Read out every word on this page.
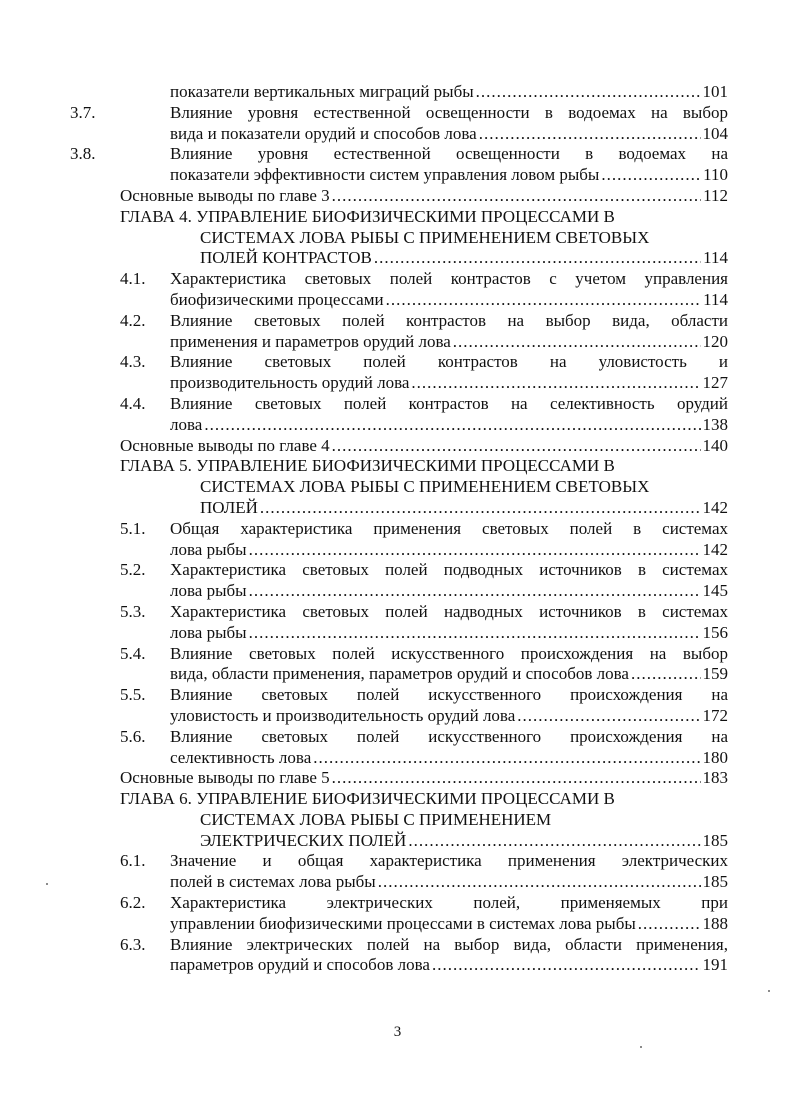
показатели вертикальных миграций рыбы .....	101
3.7.	Влияние уровня естественной освещенности в водоемах на выбор
вида и показатели орудий и способов лова .....	104
3.8.	Влияние уровня естественной освещенности в водоемах на
показатели эффективности систем управления ловом рыбы .....	110
Основные выводы по главе 3 .....	112
ГЛАВА 4. УПРАВЛЕНИЕ БИОФИЗИЧЕСКИМИ ПРОЦЕССАМИ В
СИСТЕМАХ ЛОВА РЫБЫ С ПРИМЕНЕНИЕМ СВЕТОВЫХ
ПОЛЕЙ КОНТРАСТОВ .....	114
4.1. Характеристика световых полей контрастов с учетом управления
биофизическими процессами .....	114
4.2. Влияние световых полей контрастов на выбор вида, области
применения и параметров орудий лова .....	120
4.3. Влияние световых полей контрастов на уловистость и
производительность орудий лова .....	127
4.4. Влияние световых полей контрастов на селективность орудий
лова .....	138
Основные выводы по главе 4 .....	140
ГЛАВА 5. УПРАВЛЕНИЕ БИОФИЗИЧЕСКИМИ ПРОЦЕССАМИ В
СИСТЕМАХ ЛОВА РЫБЫ С ПРИМЕНЕНИЕМ СВЕТОВЫХ
ПОЛЕЙ .....	142
5.1. Общая характеристика применения световых полей в системах
лова рыбы .....	142
5.2. Характеристика световых полей подводных источников в системах
лова рыбы .....	145
5.3. Характеристика световых полей надводных источников в системах
лова рыбы .....	156
5.4. Влияние световых полей искусственного происхождения на выбор
вида, области применения, параметров орудий и способов лова .....	159
5.5. Влияние световых полей искусственного происхождения на
уловистость и производительность орудий лова .....	172
5.6. Влияние световых полей искусственного происхождения на
селективность лова .....	180
Основные выводы по главе 5 .....	183
ГЛАВА 6. УПРАВЛЕНИЕ БИОФИЗИЧЕСКИМИ ПРОЦЕССАМИ В
СИСТЕМАХ ЛОВА РЫБЫ С ПРИМЕНЕНИЕМ
ЭЛЕКТРИЧЕСКИХ ПОЛЕЙ .....	185
6.1. Значение и общая характеристика применения электрических
полей в системах лова рыбы .....	185
6.2. Характеристика электрических полей, применяемых при
управлении биофизическими процессами в системах лова рыбы .....	188
6.3. Влияние электрических полей на выбор вида, области применения,
параметров орудий и способов лова .....	191
3
